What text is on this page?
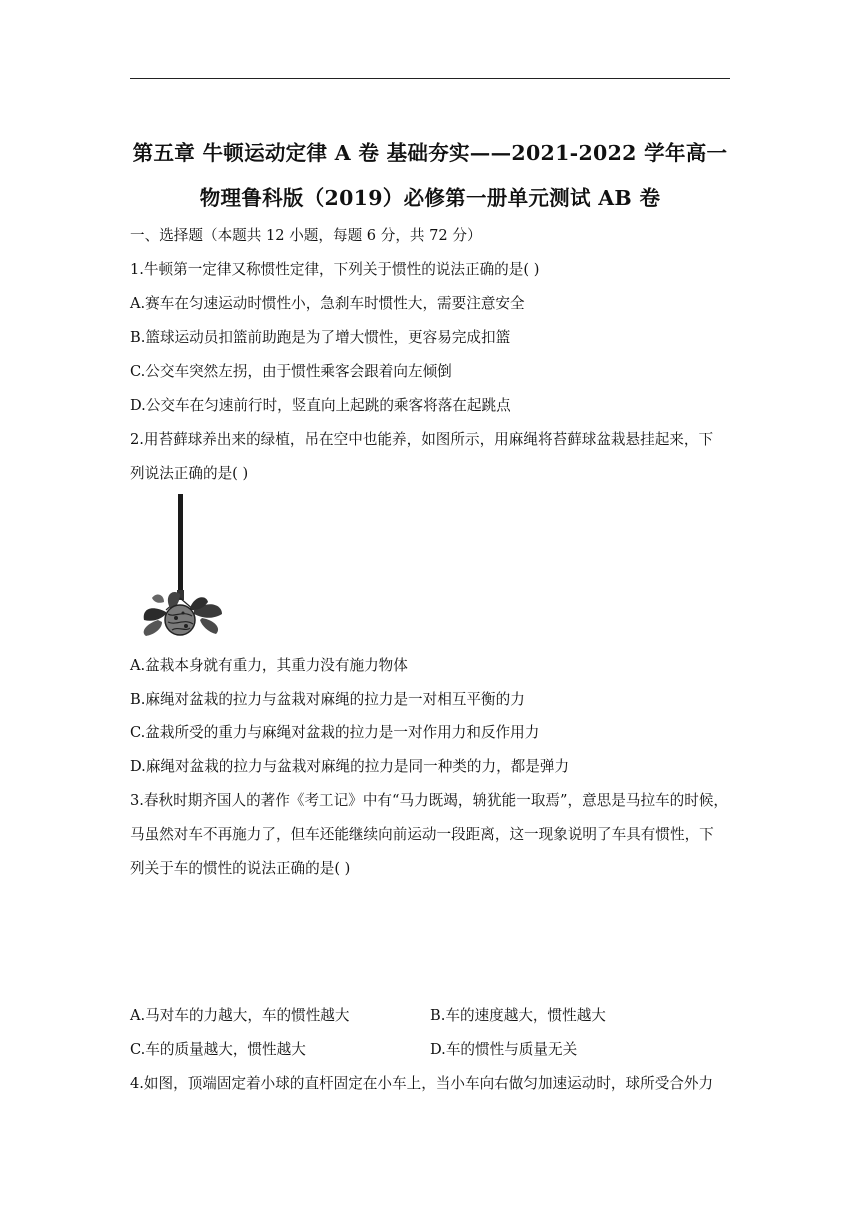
第五章 牛顿运动定律 A 卷 基础夯实——2021-2022 学年高一
物理鲁科版（2019）必修第一册单元测试 AB 卷
一、选择题（本题共 12 小题，每题 6 分，共 72 分）
1.牛顿第一定律又称惯性定律，下列关于惯性的说法正确的是( )
A.赛车在匀速运动时惯性小，急刹车时惯性大，需要注意安全
B.篮球运动员扣篮前助跑是为了增大惯性，更容易完成扣篮
C.公交车突然左拐，由于惯性乘客会跟着向左倾倒
D.公交车在匀速前行时，竖直向上起跳的乘客将落在起跳点
2.用苔藓球养出来的绿植，吊在空中也能养，如图所示，用麻绳将苔藓球盆栽悬挂起来，下
列说法正确的是( )
A.盆栽本身就有重力，其重力没有施力物体
B.麻绳对盆栽的拉力与盆栽对麻绳的拉力是一对相互平衡的力
C.盆栽所受的重力与麻绳对盆栽的拉力是一对作用力和反作用力
D.麻绳对盆栽的拉力与盆栽对麻绳的拉力是同一种类的力，都是弹力
3.春秋时期齐国人的著作《考工记》中有“马力既竭，辀犹能一取焉”，意思是马拉车的时候，
马虽然对车不再施力了，但车还能继续向前运动一段距离，这一现象说明了车具有惯性，下
列关于车的惯性的说法正确的是( )
A.马对车的力越大，车的惯性越大	B.车的速度越大，惯性越大
C.车的质量越大，惯性越大	D.车的惯性与质量无关
4.如图，顶端固定着小球的直杆固定在小车上，当小车向右做匀加速运动时，球所受合外力
